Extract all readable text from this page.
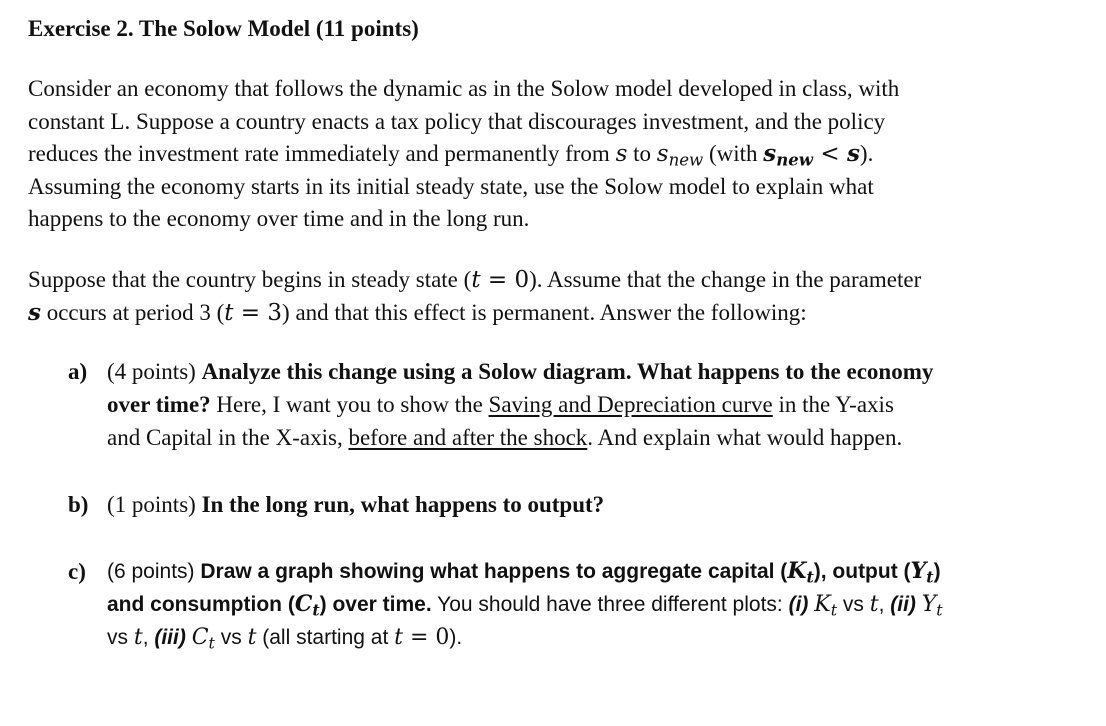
Exercise 2. The Solow Model (11 points)
Consider an economy that follows the dynamic as in the Solow model developed in class, with
constant L. Suppose a country enacts a tax policy that discourages investment, and the policy
reduces the investment rate immediately and permanently from s to $s_{new}$ (with $s_{new} < s$).
Assuming the economy starts in its initial steady state, use the Solow model to explain what
happens to the economy over time and in the long run.
Suppose that the country begins in steady state (t = 0). Assume that the change in the parameter
s occurs at period 3 (t = 3) and that this effect is permanent. Answer the following:
a) (4 points) Analyze this change using a Solow diagram. What happens to the economy
over time? Here, I want you to show the Saving and Depreciation curve in the Y-axis
and Capital in the X-axis, before and after the shock. And explain what would happen.
b) (1 points) In the long run, what happens to output?
c) (6 points) Draw a graph showing what happens to aggregate capital $(K_t)$, output $(Y_t)$
and consumption $(C_t)$ over time. You should have three different plots: (i) $K_t$ vs t, (ii) $Y_t$
vs t, (iii) $C_t$ vs t (all starting at t = 0).
